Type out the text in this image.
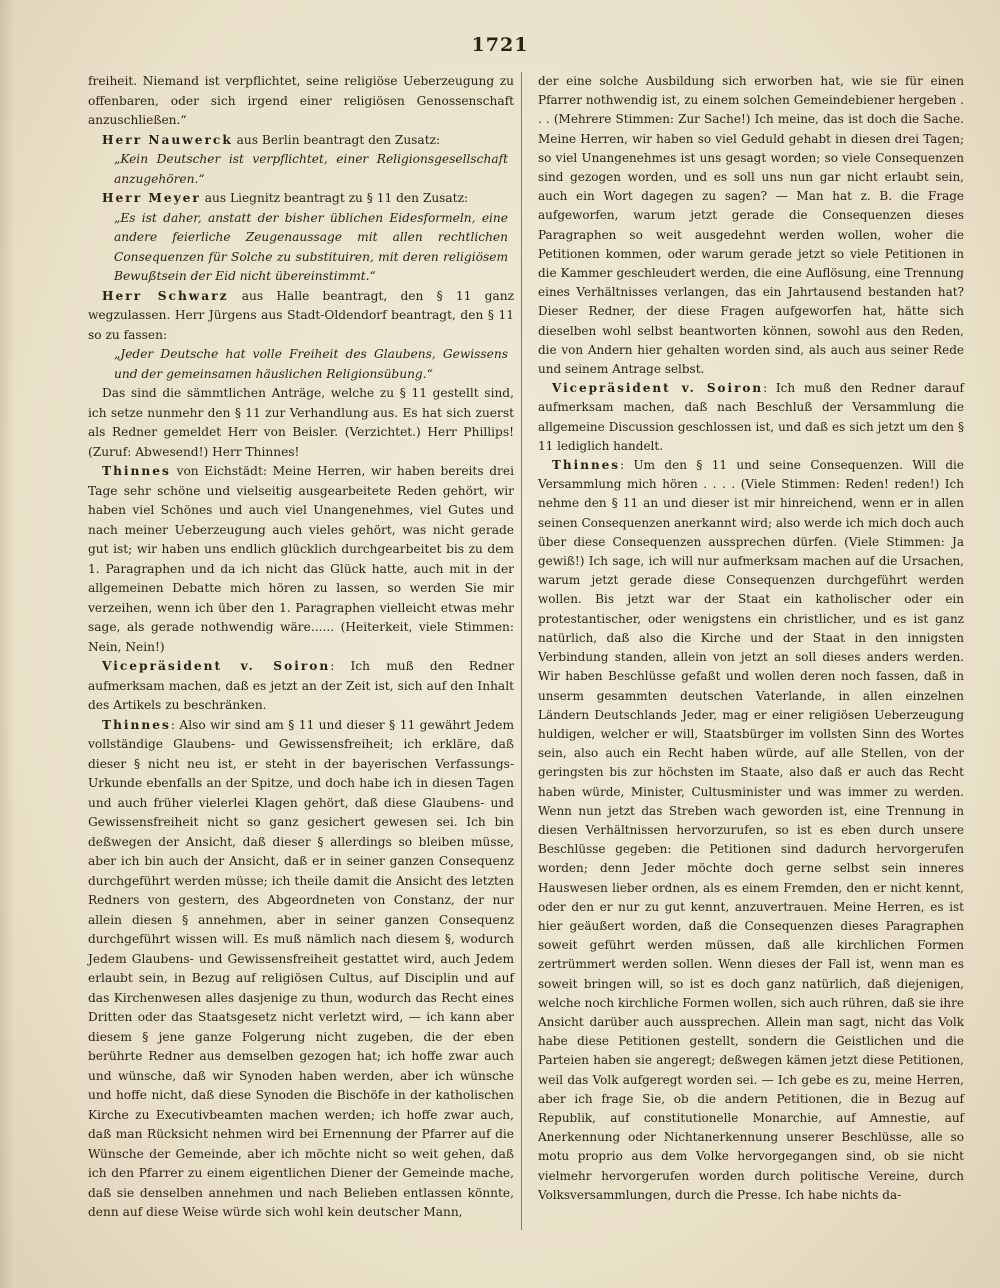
1721

freiheit. Niemand ist verpflichtet, seine religiöse Ueberzeugung zu offenbaren, oder sich irgend einer religiösen Genossenschaft anzuschließen.“

Herr Nauwerck aus Berlin beantragt den Zusatz:

„Kein Deutscher ist verpflichtet, einer Religionsgesellschaft anzugehören.“

Herr Meyer aus Liegnitz beantragt zu § 11 den Zusatz:

„Es ist daher, anstatt der bisher üblichen Eidesformeln, eine andere feierliche Zeugenaussage mit allen rechtlichen Consequenzen für Solche zu substituiren, mit deren religiösem Bewußtsein der Eid nicht übereinstimmt.“

Herr Schwarz aus Halle beantragt, den § 11 ganz wegzulassen. Herr Jürgens aus Stadt-Oldendorf beantragt, den § 11 so zu fassen:

„Jeder Deutsche hat volle Freiheit des Glaubens, Gewissens und der gemeinsamen häuslichen Religionsübung.“

Das sind die sämmtlichen Anträge, welche zu § 11 gestellt sind, ich setze nunmehr den § 11 zur Verhandlung aus. Es hat sich zuerst als Redner gemeldet Herr von Beisler. (Verzichtet.) Herr Phillips! (Zuruf: Abwesend!) Herr Thinnes!

Thinnes von Eichstädt: Meine Herren, wir haben bereits drei Tage sehr schöne und vielseitig ausgearbeitete Reden gehört, wir haben viel Schönes und auch viel Unangenehmes, viel Gutes und nach meiner Ueberzeugung auch vieles gehört, was nicht gerade gut ist; wir haben uns endlich glücklich durchgearbeitet bis zu dem 1. Paragraphen und da ich nicht das Glück hatte, auch mit in der allgemeinen Debatte mich hören zu lassen, so werden Sie mir verzeihen, wenn ich über den 1. Paragraphen vielleicht etwas mehr sage, als gerade nothwendig wäre...... (Heiterkeit, viele Stimmen: Nein, Nein!)

Vicepräsident v. Soiron: Ich muß den Redner aufmerksam machen, daß es jetzt an der Zeit ist, sich auf den Inhalt des Artikels zu beschränken.

Thinnes: Also wir sind am § 11 und dieser § 11 gewährt Jedem vollständige Glaubens- und Gewissensfreiheit; ich erkläre, daß dieser § nicht neu ist, er steht in der bayerischen Verfassungs-Urkunde ebenfalls an der Spitze, und doch habe ich in diesen Tagen und auch früher vielerlei Klagen gehört, daß diese Glaubens- und Gewissensfreiheit nicht so ganz gesichert gewesen sei. Ich bin deßwegen der Ansicht, daß dieser § allerdings so bleiben müsse, aber ich bin auch der Ansicht, daß er in seiner ganzen Consequenz durchgeführt werden müsse; ich theile damit die Ansicht des letzten Redners von gestern, des Abgeordneten von Constanz, der nur allein diesen § annehmen, aber in seiner ganzen Consequenz durchgeführt wissen will. Es muß nämlich nach diesem §, wodurch Jedem Glaubens- und Gewissensfreiheit gestattet wird, auch Jedem erlaubt sein, in Bezug auf religiösen Cultus, auf Disciplin und auf das Kirchenwesen alles dasjenige zu thun, wodurch das Recht eines Dritten oder das Staatsgesetz nicht verletzt wird, — ich kann aber diesem § jene ganze Folgerung nicht zugeben, die der eben berührte Redner aus demselben gezogen hat; ich hoffe zwar auch und wünsche, daß wir Synoden haben werden, aber ich wünsche und hoffe nicht, daß diese Synoden die Bischöfe in der katholischen Kirche zu Executivbeamten machen werden; ich hoffe zwar auch, daß man Rücksicht nehmen wird bei Ernennung der Pfarrer auf die Wünsche der Gemeinde, aber ich möchte nicht so weit gehen, daß ich den Pfarrer zu einem eigentlichen Diener der Gemeinde mache, daß sie denselben annehmen und nach Belieben entlassen könnte, denn auf diese Weise würde sich wohl kein deutscher Mann,

der eine solche Ausbildung sich erworben hat, wie sie für einen Pfarrer nothwendig ist, zu einem solchen Gemeindebiener hergeben . . . (Mehrere Stimmen: Zur Sache!) Ich meine, das ist doch die Sache. Meine Herren, wir haben so viel Geduld gehabt in diesen drei Tagen; so viel Unangenehmes ist uns gesagt worden; so viele Consequenzen sind gezogen worden, und es soll uns nun gar nicht erlaubt sein, auch ein Wort dagegen zu sagen? — Man hat z. B. die Frage aufgeworfen, warum jetzt gerade die Consequenzen dieses Paragraphen so weit ausgedehnt werden wollen, woher die Petitionen kommen, oder warum gerade jetzt so viele Petitionen in die Kammer geschleudert werden, die eine Auflösung, eine Trennung eines Verhältnisses verlangen, das ein Jahrtausend bestanden hat? Dieser Redner, der diese Fragen aufgeworfen hat, hätte sich dieselben wohl selbst beantworten können, sowohl aus den Reden, die von Andern hier gehalten worden sind, als auch aus seiner Rede und seinem Antrage selbst.

Vicepräsident v. Soiron: Ich muß den Redner darauf aufmerksam machen, daß nach Beschluß der Versammlung die allgemeine Discussion geschlossen ist, und daß es sich jetzt um den § 11 lediglich handelt.

Thinnes: Um den § 11 und seine Consequenzen. Will die Versammlung mich hören . . . . (Viele Stimmen: Reden! reden!) Ich nehme den § 11 an und dieser ist mir hinreichend, wenn er in allen seinen Consequenzen anerkannt wird; also werde ich mich doch auch über diese Consequenzen aussprechen dürfen. (Viele Stimmen: Ja gewiß!) Ich sage, ich will nur aufmerksam machen auf die Ursachen, warum jetzt gerade diese Consequenzen durchgeführt werden wollen. Bis jetzt war der Staat ein katholischer oder ein protestantischer, oder wenigstens ein christlicher, und es ist ganz natürlich, daß also die Kirche und der Staat in den innigsten Verbindung standen, allein von jetzt an soll dieses anders werden. Wir haben Beschlüsse gefaßt und wollen deren noch fassen, daß in unserm gesammten deutschen Vaterlande, in allen einzelnen Ländern Deutschlands Jeder, mag er einer religiösen Ueberzeugung huldigen, welcher er will, Staatsbürger im vollsten Sinn des Wortes sein, also auch ein Recht haben würde, auf alle Stellen, von der geringsten bis zur höchsten im Staate, also daß er auch das Recht haben würde, Minister, Cultusminister und was immer zu werden. Wenn nun jetzt das Streben wach geworden ist, eine Trennung in diesen Verhältnissen hervorzurufen, so ist es eben durch unsere Beschlüsse gegeben: die Petitionen sind dadurch hervorgerufen worden; denn Jeder möchte doch gerne selbst sein inneres Hauswesen lieber ordnen, als es einem Fremden, den er nicht kennt, oder den er nur zu gut kennt, anzuvertrauen. Meine Herren, es ist hier geäußert worden, daß die Consequenzen dieses Paragraphen soweit geführt werden müssen, daß alle kirchlichen Formen zertrümmert werden sollen. Wenn dieses der Fall ist, wenn man es soweit bringen will, so ist es doch ganz natürlich, daß diejenigen, welche noch kirchliche Formen wollen, sich auch rühren, daß sie ihre Ansicht darüber auch aussprechen. Allein man sagt, nicht das Volk habe diese Petitionen gestellt, sondern die Geistlichen und die Parteien haben sie angeregt; deßwegen kämen jetzt diese Petitionen, weil das Volk aufgeregt worden sei. — Ich gebe es zu, meine Herren, aber ich frage Sie, ob die andern Petitionen, die in Bezug auf Republik, auf constitutionelle Monarchie, auf Amnestie, auf Anerkennung oder Nichtanerkennung unserer Beschlüsse, alle so motu proprio aus dem Volke hervorgegangen sind, ob sie nicht vielmehr hervorgerufen worden durch politische Vereine, durch Volksversammlungen, durch die Presse. Ich habe nichts da-
